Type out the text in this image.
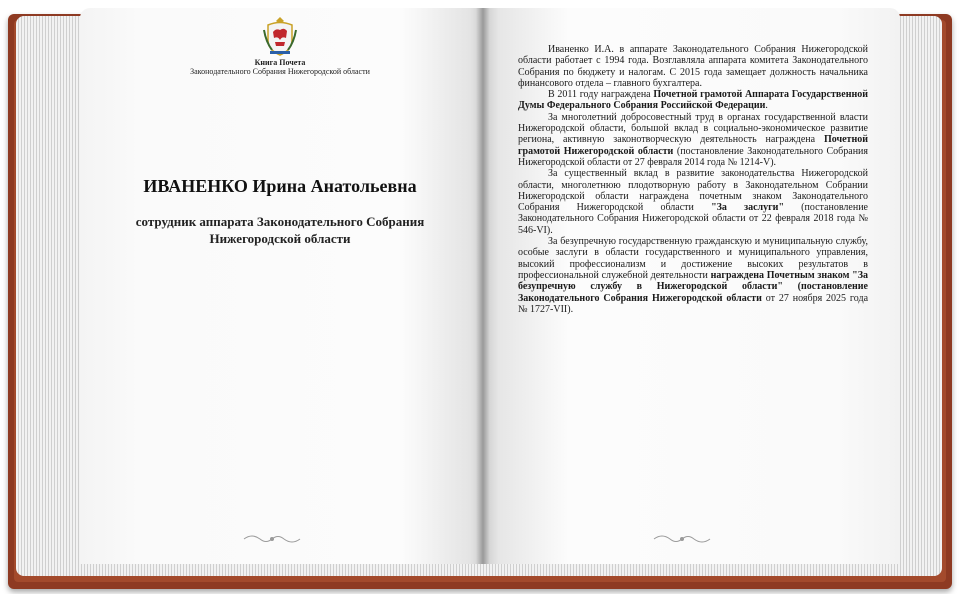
Книга Почета
Законодательного Собрания Нижегородской области
ИВАНЕНКО Ирина Анатольевна
сотрудник аппарата Законодательного Собрания
Нижегородской области

Иваненко И.А. в аппарате Законодательного Собрания Нижегородской области работает с 1994 года. Возглавляла аппарата комитета Законодательного Собрания по бюджету и налогам. С 2015 года замещает должность начальника финансового отдела – главного бухгалтера.

В 2011 году награждена Почетной грамотой Аппарата Государственной Думы Федерального Собрания Российской Федерации.

За многолетний добросовестный труд в органах государственной власти Нижегородской области, большой вклад в социально-экономическое развитие региона, активную законотворческую деятельность награждена Почетной грамотой Нижегородской области (постановление Законодательного Собрания Нижегородской области от 27 февраля 2014 года № 1214-V).

За существенный вклад в развитие законодательства Нижегородской области, многолетнюю плодотворную работу в Законодательном Собрании Нижегородской области награждена почетным знаком Законодательного Собрания Нижегородской области "За заслуги" (постановление Законодательного Собрания Нижегородской области от 22 февраля 2018 года № 546-VI).

За безупречную государственную гражданскую и муниципальную службу, особые заслуги в области государственного и муниципального управления, высокий профессионализм и достижение высоких результатов в профессиональной служебной деятельности награждена Почетным знаком "За безупречную службу в Нижегородской области" (постановление Законодательного Собрания Нижегородской области от 27 ноября 2025 года № 1727-VII).
